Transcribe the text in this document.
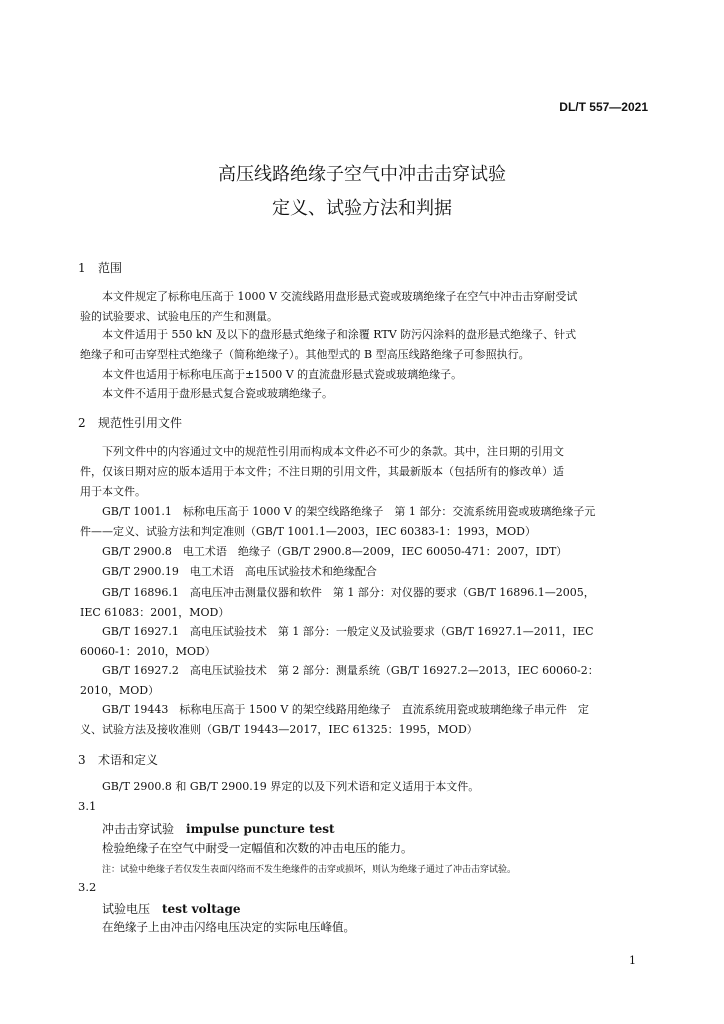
DL/T 557—2021
高压线路绝缘子空气中冲击击穿试验
定义、试验方法和判据
1 范围
本文件规定了标称电压高于 1000 V 交流线路用盘形悬式瓷或玻璃绝缘子在空气中冲击击穿耐受试
验的试验要求、试验电压的产生和测量。
本文件适用于 550 kN 及以下的盘形悬式绝缘子和涂覆 RTV 防污闪涂料的盘形悬式绝缘子、针式
绝缘子和可击穿型柱式绝缘子（简称绝缘子）。其他型式的 B 型高压线路绝缘子可参照执行。
本文件也适用于标称电压高于±1500 V 的直流盘形悬式瓷或玻璃绝缘子。
本文件不适用于盘形悬式复合瓷或玻璃绝缘子。
2 规范性引用文件
下列文件中的内容通过文中的规范性引用而构成本文件必不可少的条款。其中，注日期的引用文
件，仅该日期对应的版本适用于本文件；不注日期的引用文件，其最新版本（包括所有的修改单）适
用于本文件。
GB/T 1001.1　标称电压高于 1000 V 的架空线路绝缘子　第 1 部分：交流系统用瓷或玻璃绝缘子元
件——定义、试验方法和判定准则（GB/T 1001.1—2003，IEC 60383-1：1993，MOD）
GB/T 2900.8　电工术语　绝缘子（GB/T 2900.8—2009，IEC 60050-471：2007，IDT）
GB/T 2900.19　电工术语　高电压试验技术和绝缘配合
GB/T 16896.1　高电压冲击测量仪器和软件　第 1 部分：对仪器的要求（GB/T 16896.1—2005，
IEC 61083：2001，MOD）
GB/T 16927.1　高电压试验技术　第 1 部分：一般定义及试验要求（GB/T 16927.1—2011，IEC
60060-1：2010，MOD）
GB/T 16927.2　高电压试验技术　第 2 部分：测量系统（GB/T 16927.2—2013，IEC 60060-2：
2010，MOD）
GB/T 19443　标称电压高于 1500 V 的架空线路用绝缘子　直流系统用瓷或玻璃绝缘子串元件　定
义、试验方法及接收准则（GB/T 19443—2017，IEC 61325：1995，MOD）
3 术语和定义
GB/T 2900.8 和 GB/T 2900.19 界定的以及下列术语和定义适用于本文件。
3.1
冲击击穿试验 impulse puncture test
检验绝缘子在空气中耐受一定幅值和次数的冲击电压的能力。
注：试验中绝缘子若仅发生表面闪络而不发生绝缘件的击穿或损坏，则认为绝缘子通过了冲击击穿试验。
3.2
试验电压 test voltage
在绝缘子上由冲击闪络电压决定的实际电压峰值。
1
